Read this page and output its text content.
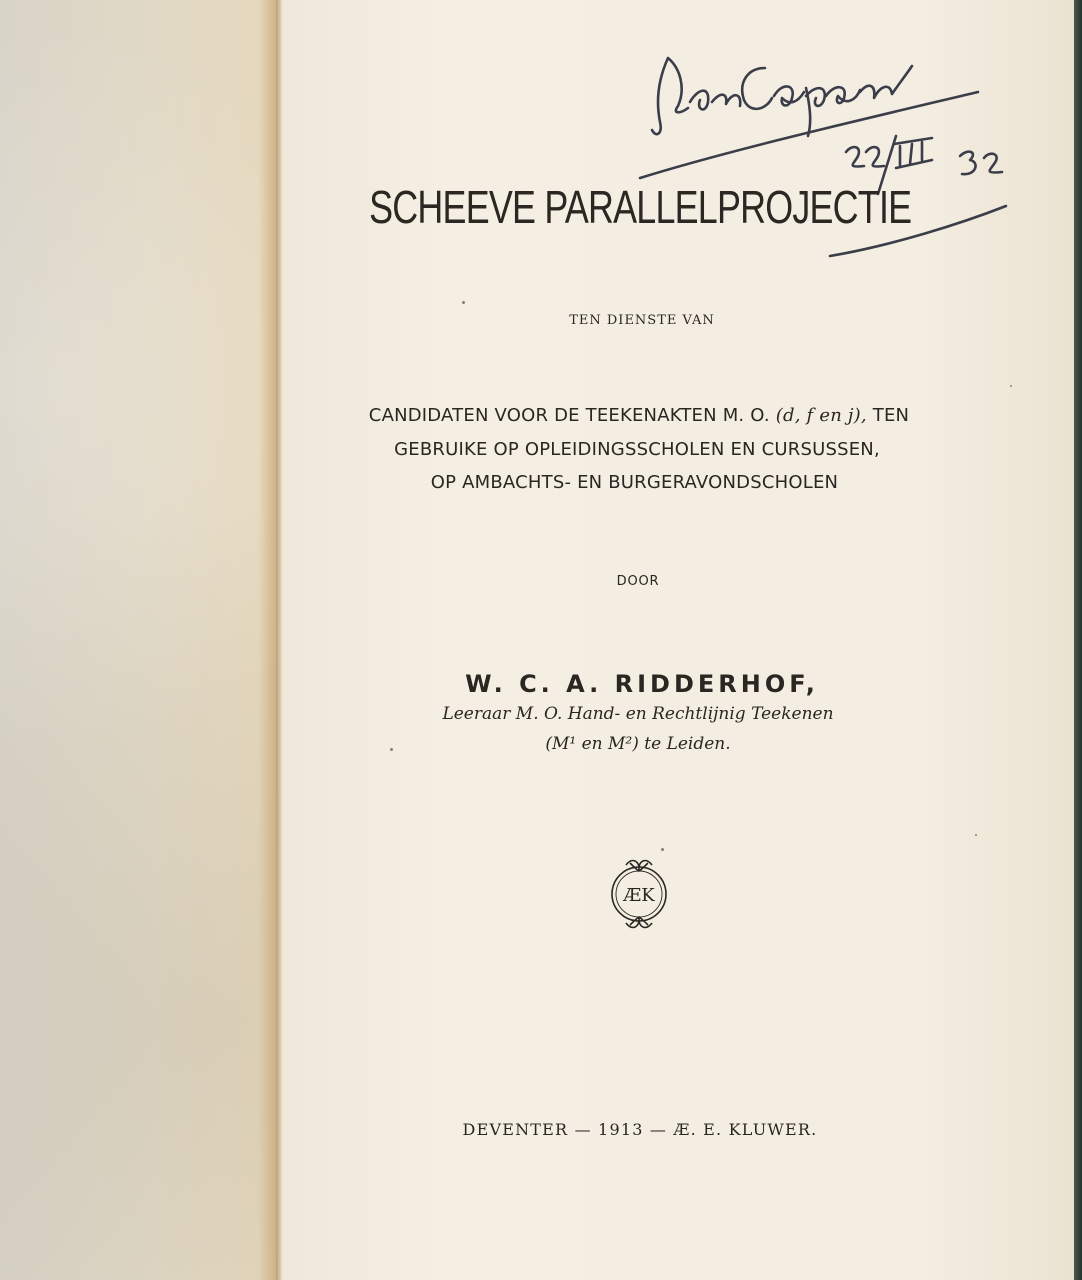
SCHEEVE PARALLELPROJECTIE
TEN DIENSTE VAN
CANDIDATEN VOOR DE TEEKENAKTEN M. O. (d, f en j), TEN
GEBRUIKE OP OPLEIDINGSSCHOLEN EN CURSUSSEN,
OP AMBACHTS- EN BURGERAVONDSCHOLEN
DOOR
W. C. A. RIDDERHOF,
Leeraar M. O. Hand- en Rechtlijnig Teekenen
(M¹ en M²) te Leiden.
ÆK
DEVENTER — 1913 — Æ. E. KLUWER.
